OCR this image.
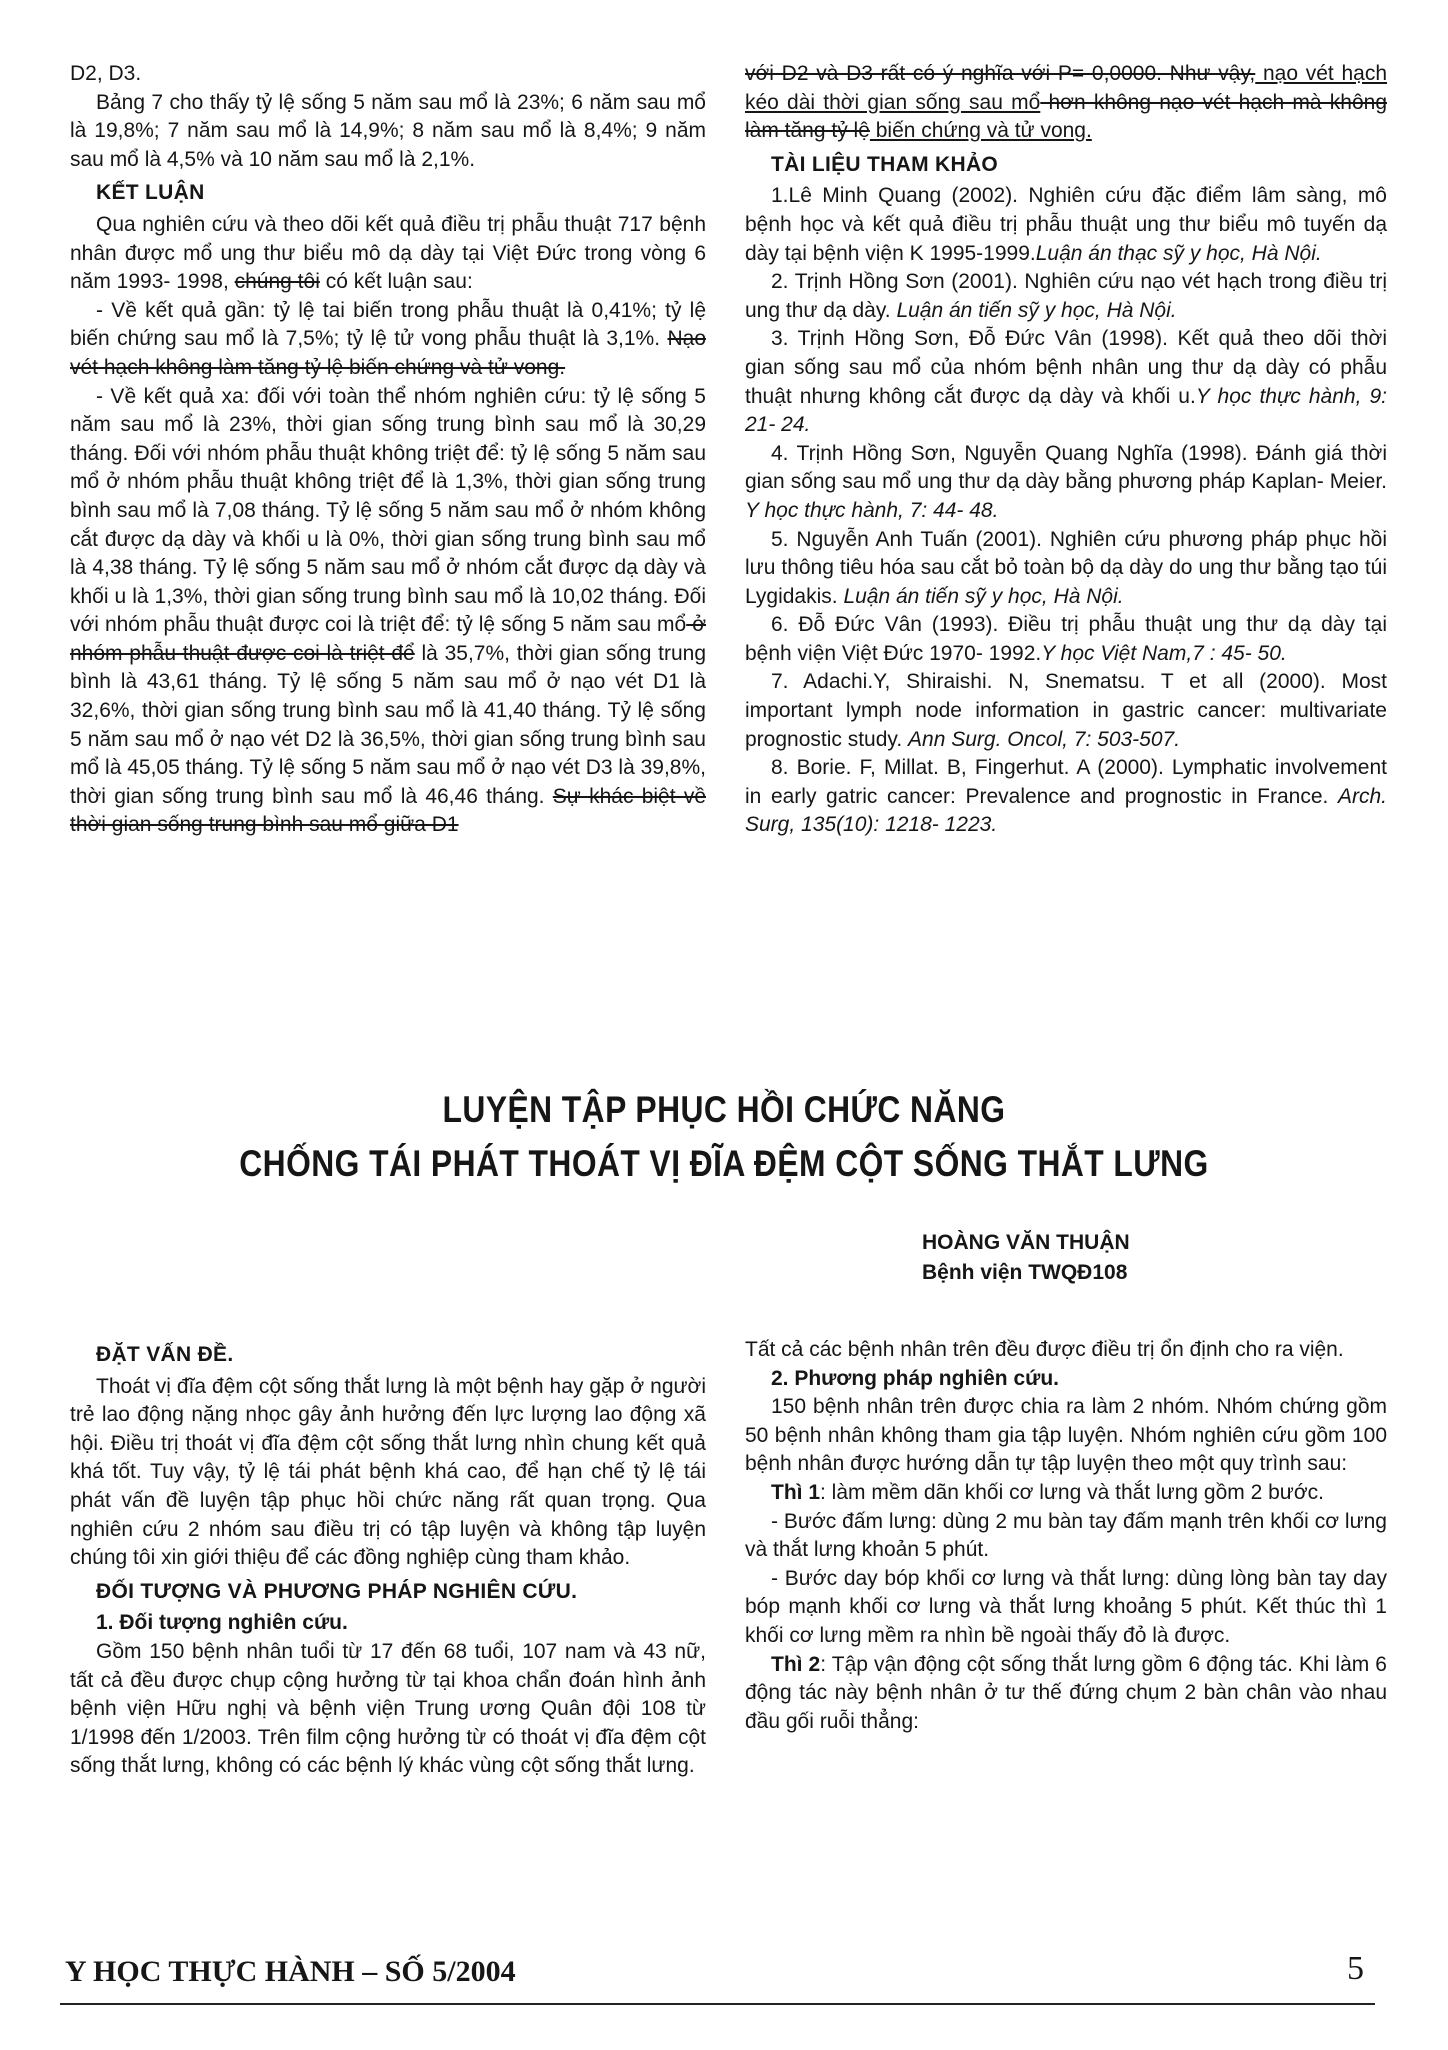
D2, D3.

Bảng 7 cho thấy tỷ lệ sống 5 năm sau mổ là 23%; 6 năm sau mổ là 19,8%; 7 năm sau mổ là 14,9%; 8 năm sau mổ là 8,4%; 9 năm sau mổ là 4,5% và 10 năm sau mổ là 2,1%.

KẾT LUẬN

Qua nghiên cứu và theo dõi kết quả điều trị phẫu thuật 717 bệnh nhân được mổ ung thư biểu mô dạ dày tại Việt Đức trong vòng 6 năm 1993- 1998, chúng tôi có kết luận sau:

- Về kết quả gần: tỷ lệ tai biến trong phẫu thuật là 0,41%; tỷ lệ biến chứng sau mổ là 7,5%; tỷ lệ tử vong phẫu thuật là 3,1%. Nạo vét hạch không làm tăng tỷ lệ biến chứng và tử vong.

- Về kết quả xa: đối với toàn thể nhóm nghiên cứu: tỷ lệ sống 5 năm sau mổ là 23%, thời gian sống trung bình sau mổ là 30,29 tháng. Đối với nhóm phẫu thuật không triệt để: tỷ lệ sống 5 năm sau mổ ở nhóm phẫu thuật không triệt để là 1,3%, thời gian sống trung bình sau mổ là 7,08 tháng. Tỷ lệ sống 5 năm sau mổ ở nhóm không cắt được dạ dày và khối u là 0%, thời gian sống trung bình sau mổ là 4,38 tháng. Tỷ lệ sống 5 năm sau mổ ở nhóm cắt được dạ dày và khối u là 1,3%, thời gian sống trung bình sau mổ là 10,02 tháng. Đối với nhóm phẫu thuật được coi là triệt để: tỷ lệ sống 5 năm sau mổ ở nhóm phẫu thuật được coi là triệt để là 35,7%, thời gian sống trung bình là 43,61 tháng. Tỷ lệ sống 5 năm sau mổ ở nạo vét D1 là 32,6%, thời gian sống trung bình sau mổ là 41,40 tháng. Tỷ lệ sống 5 năm sau mổ ở nạo vét D2 là 36,5%, thời gian sống trung bình sau mổ là 45,05 tháng. Tỷ lệ sống 5 năm sau mổ ở nạo vét D3 là 39,8%, thời gian sống trung bình sau mổ là 46,46 tháng. Sự khác biệt về thời gian sống trung bình sau mổ giữa D1

với D2 và D3 rất có ý nghĩa với P= 0,0000. Như vậy, nạo vét hạch kéo dài thời gian sống sau mổ hơn không nạo vét hạch mà không làm tăng tỷ lệ biến chứng và tử vong.

TÀI LIỆU THAM KHẢO

1.Lê Minh Quang (2002). Nghiên cứu đặc điểm lâm sàng, mô bệnh học và kết quả điều trị phẫu thuật ung thư biểu mô tuyến dạ dày tại bệnh viện K 1995-1999.Luận án thạc sỹ y học, Hà Nội.

2. Trịnh Hồng Sơn (2001). Nghiên cứu nạo vét hạch trong điều trị ung thư dạ dày. Luận án tiến sỹ y học, Hà Nội.

3. Trịnh Hồng Sơn, Đỗ Đức Vân (1998). Kết quả theo dõi thời gian sống sau mổ của nhóm bệnh nhân ung thư dạ dày có phẫu thuật nhưng không cắt được dạ dày và khối u.Y học thực hành, 9: 21- 24.

4. Trịnh Hồng Sơn, Nguyễn Quang Nghĩa (1998). Đánh giá thời gian sống sau mổ ung thư dạ dày bằng phương pháp Kaplan- Meier. Y học thực hành, 7: 44- 48.

5. Nguyễn Anh Tuấn (2001). Nghiên cứu phương pháp phục hồi lưu thông tiêu hóa sau cắt bỏ toàn bộ dạ dày do ung thư bằng tạo túi Lygidakis. Luận án tiến sỹ y học, Hà Nội.

6. Đỗ Đức Vân (1993). Điều trị phẫu thuật ung thư dạ dày tại bệnh viện Việt Đức 1970- 1992.Y học Việt Nam,7 : 45- 50.

7. Adachi.Y, Shiraishi. N, Snematsu. T et all (2000). Most important lymph node information in gastric cancer: multivariate prognostic study. Ann Surg. Oncol, 7: 503-507.

8. Borie. F, Millat. B, Fingerhut. A (2000). Lymphatic involvement in early gatric cancer: Prevalence and prognostic in France. Arch. Surg, 135(10): 1218- 1223.

LUYỆN TẬP PHỤC HỒI CHỨC NĂNG
CHỐNG TÁI PHÁT THOÁT VỊ ĐĨA ĐỆM CỘT SỐNG THẮT LƯNG
HOÀNG VĂN THUẬN
Bệnh viện TWQĐ108
ĐẶT VẤN ĐỀ.

Thoát vị đĩa đệm cột sống thắt lưng là một bệnh hay gặp ở người trẻ lao động nặng nhọc gây ảnh hưởng đến lực lượng lao động xã hội. Điều trị thoát vị đĩa đệm cột sống thắt lưng nhìn chung kết quả khá tốt. Tuy vậy, tỷ lệ tái phát bệnh khá cao, để hạn chế tỷ lệ tái phát vấn đề luyện tập phục hồi chức năng rất quan trọng. Qua nghiên cứu 2 nhóm sau điều trị có tập luyện và không tập luyện chúng tôi xin giới thiệu để các đồng nghiệp cùng tham khảo.

ĐỐI TƯỢNG VÀ PHƯƠNG PHÁP NGHIÊN CỨU.
1. Đối tượng nghiên cứu.

Gồm 150 bệnh nhân tuổi từ 17 đến 68 tuổi, 107 nam và 43 nữ, tất cả đều được chụp cộng hưởng từ tại khoa chẩn đoán hình ảnh bệnh viện Hữu nghị và bệnh viện Trung ương Quân đội 108 từ 1/1998 đến 1/2003. Trên film cộng hưởng từ có thoát vị đĩa đệm cột sống thắt lưng, không có các bệnh lý khác vùng cột sống thắt lưng.

Tất cả các bệnh nhân trên đều được điều trị ổn định cho ra viện.

2. Phương pháp nghiên cứu.

150 bệnh nhân trên được chia ra làm 2 nhóm. Nhóm chứng gồm 50 bệnh nhân không tham gia tập luyện. Nhóm nghiên cứu gồm 100 bệnh nhân được hướng dẫn tự tập luyện theo một quy trình sau:

Thì 1: làm mềm dãn khối cơ lưng và thắt lưng gồm 2 bước.

- Bước đấm lưng: dùng 2 mu bàn tay đấm mạnh trên khối cơ lưng và thắt lưng khoản 5 phút.

- Bước day bóp khối cơ lưng và thắt lưng: dùng lòng bàn tay day bóp mạnh khối cơ lưng và thắt lưng khoảng 5 phút. Kết thúc thì 1 khối cơ lưng mềm ra nhìn bề ngoài thấy đỏ là được.

Thì 2: Tập vận động cột sống thắt lưng gồm 6 động tác. Khi làm 6 động tác này bệnh nhân ở tư thế đứng chụm 2 bàn chân vào nhau đầu gối ruỗi thẳng:

Y HỌC THỰC HÀNH – SỐ 5/2004	5
